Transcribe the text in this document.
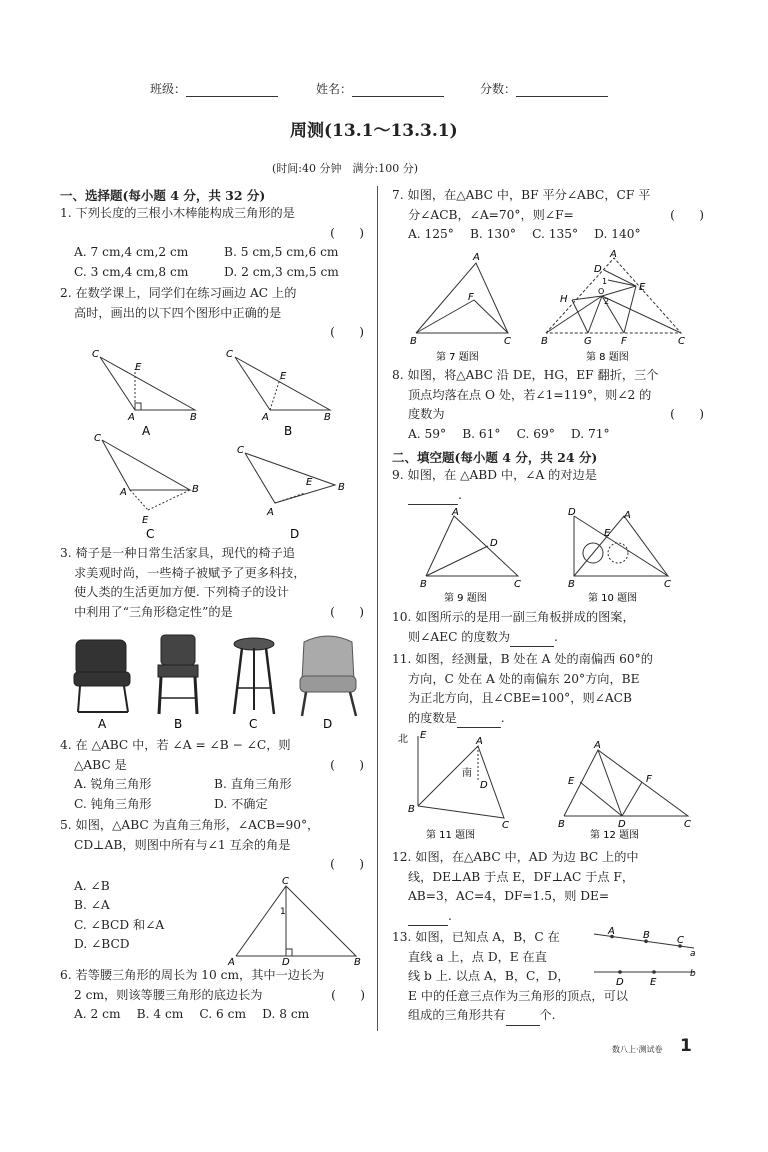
班级：	姓名：	分数：
周测(13.1～13.3.1)
(时间:40 分钟　满分:100 分)
一、选择题(每小题 4 分，共 32 分)
1. 下列长度的三根小木棒能构成三角形的是
(　　)
A. 7 cm,4 cm,2 cm	B. 5 cm,5 cm,6 cm
C. 3 cm,4 cm,8 cm	D. 2 cm,3 cm,5 cm
2. 在数学课上，同学们在练习画边 AC 上的
高时，画出的以下四个图形中正确的是
(　　)
C
E
A	B
A
C
E
A	B
B
C
A	B
E
C
C
E
A
B
D
3. 椅子是一种日常生活家具，现代的椅子追
求美观时尚，一些椅子被赋予了更多科技，
使人类的生活更加方便. 下列椅子的设计
中利用了“三角形稳定性”的是	(　　)
A	B	C	D
4. 在 △ABC 中，若 ∠A = ∠B − ∠C，则
△ABC 是	(　　)
A. 锐角三角形	B. 直角三角形
C. 钝角三角形	D. 不确定
5. 如图，△ABC 为直角三角形，∠ACB=90°，
CD⊥AB，则图中所有与∠1 互余的角是
(　　)
A. ∠B
B. ∠A
C. ∠BCD 和∠A
D. ∠BCD
C
1
A	D	B
6. 若等腰三角形的周长为 10 cm，其中一边长为
2 cm，则该等腰三角形的底边长为	(　　)
A. 2 cm　 B. 4 cm　 C. 6 cm　 D. 8 cm
7. 如图，在△ABC 中，BF 平分∠ABC，CF 平
分∠ACB，∠A=70°，则∠F=	(　　)
A. 125°　 B. 130°　 C. 135°　 D. 140°
A
F
B	C
第 7 题图
A
D
E
H
O
1
2
B	G	F	C
第 8 题图
8. 如图，将△ABC 沿 DE，HG，EF 翻折，三个
顶点均落在点 O 处，若∠1=119°，则∠2 的
度数为	(　　)
A. 59°　 B. 61°　 C. 69°　 D. 71°
二、填空题(每小题 4 分，共 24 分)
9. 如图，在 △ABD 中，∠A 的对边是
.
A
D
B	C
第 9 题图
D
E
A
B	C
第 10 题图
10. 如图所示的是用一副三角板拼成的图案，
则∠AEC 的度数为	.
11. 如图，经测量，B 处在 A 处的南偏西 60°的
方向，C 处在 A 处的南偏东 20°方向，BE
为正北方向，且∠CBE=100°，则∠ACB
的度数是	.
北 E
A
南
D
B
C
第 11 题图
A
E	F
B	D	C
第 12 题图
12. 如图，在△ABC 中，AD 为边 BC 上的中
线，DE⊥AB 于点 E，DF⊥AC 于点 F，
AB=3，AC=4，DF=1.5，则 DE=
.
13. 如图，已知点 A，B，C 在
直线 a 上，点 D，E 在直
线 b 上. 以点 A，B，C，D，
E 中的任意三点作为三角形的顶点，可以
组成的三角形共有	个.
A	B	C
a
b
D	E
数八上·测试卷 1
